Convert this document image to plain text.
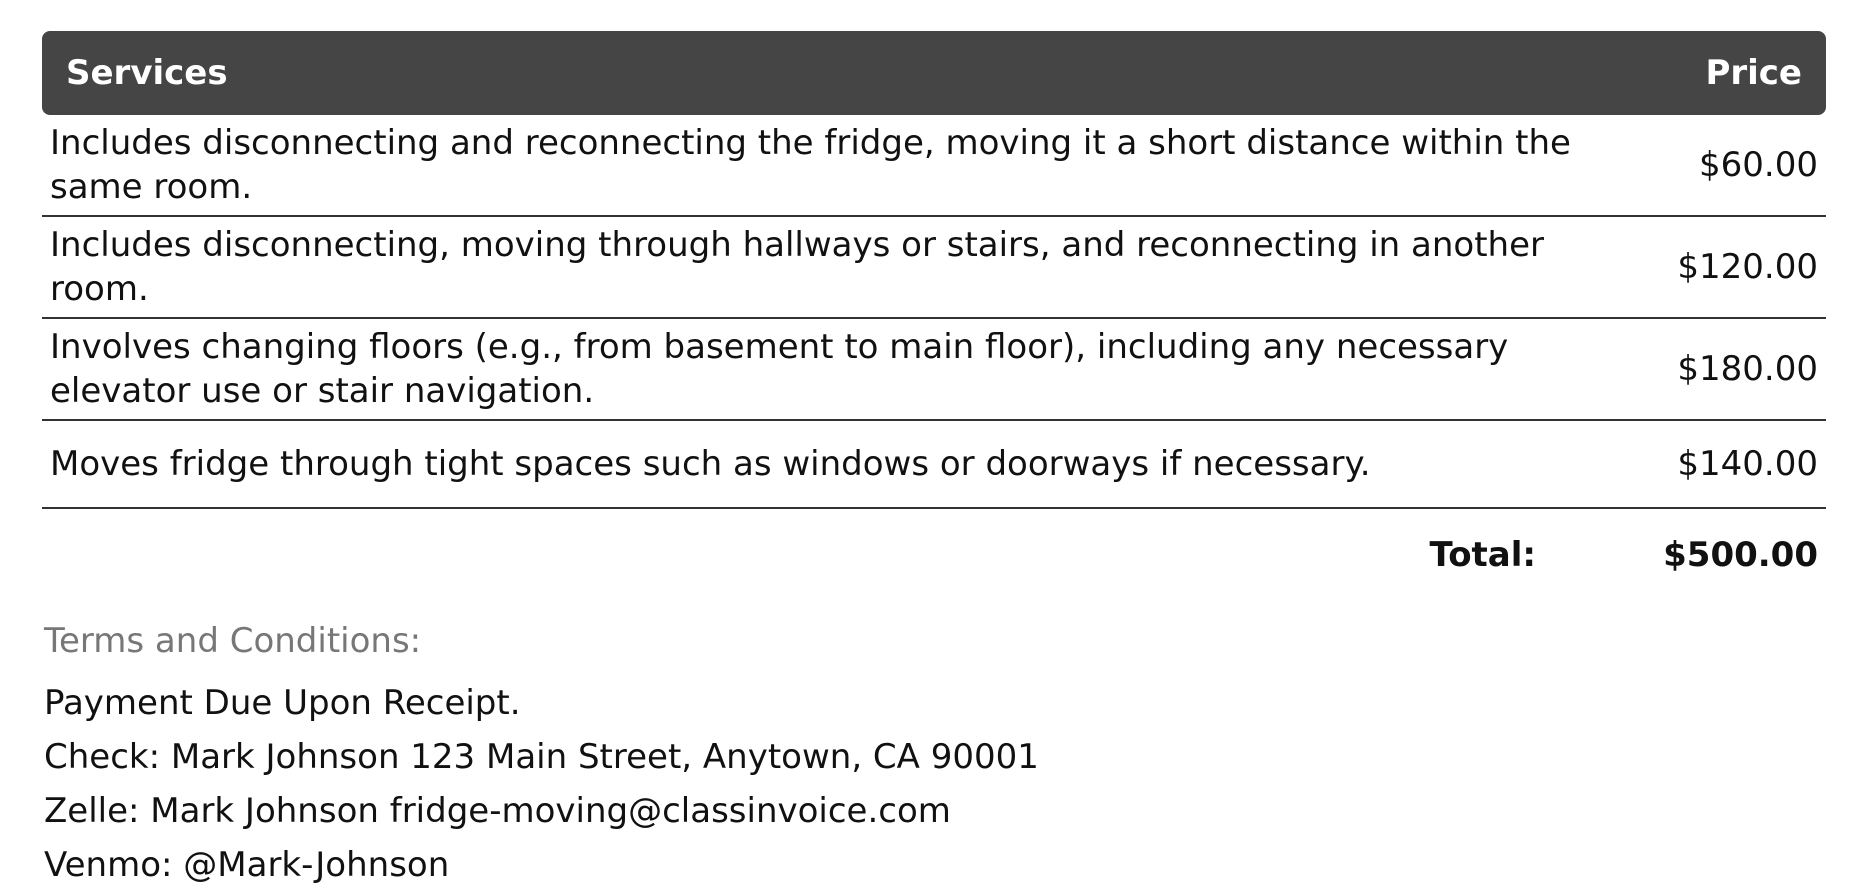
Services	Price
Includes disconnecting and reconnecting the fridge, moving it a short distance within the same room.	$60.00
Includes disconnecting, moving through hallways or stairs, and reconnecting in another room.	$120.00
Involves changing floors (e.g., from basement to main floor), including any necessary elevator use or stair navigation.	$180.00
Moves fridge through tight spaces such as windows or doorways if necessary.	$140.00
Total:	$500.00

Terms and Conditions:

Payment Due Upon Receipt.

Check: Mark Johnson 123 Main Street, Anytown, CA 90001

Zelle: Mark Johnson fridge-moving@classinvoice.com

Venmo: @Mark-Johnson
